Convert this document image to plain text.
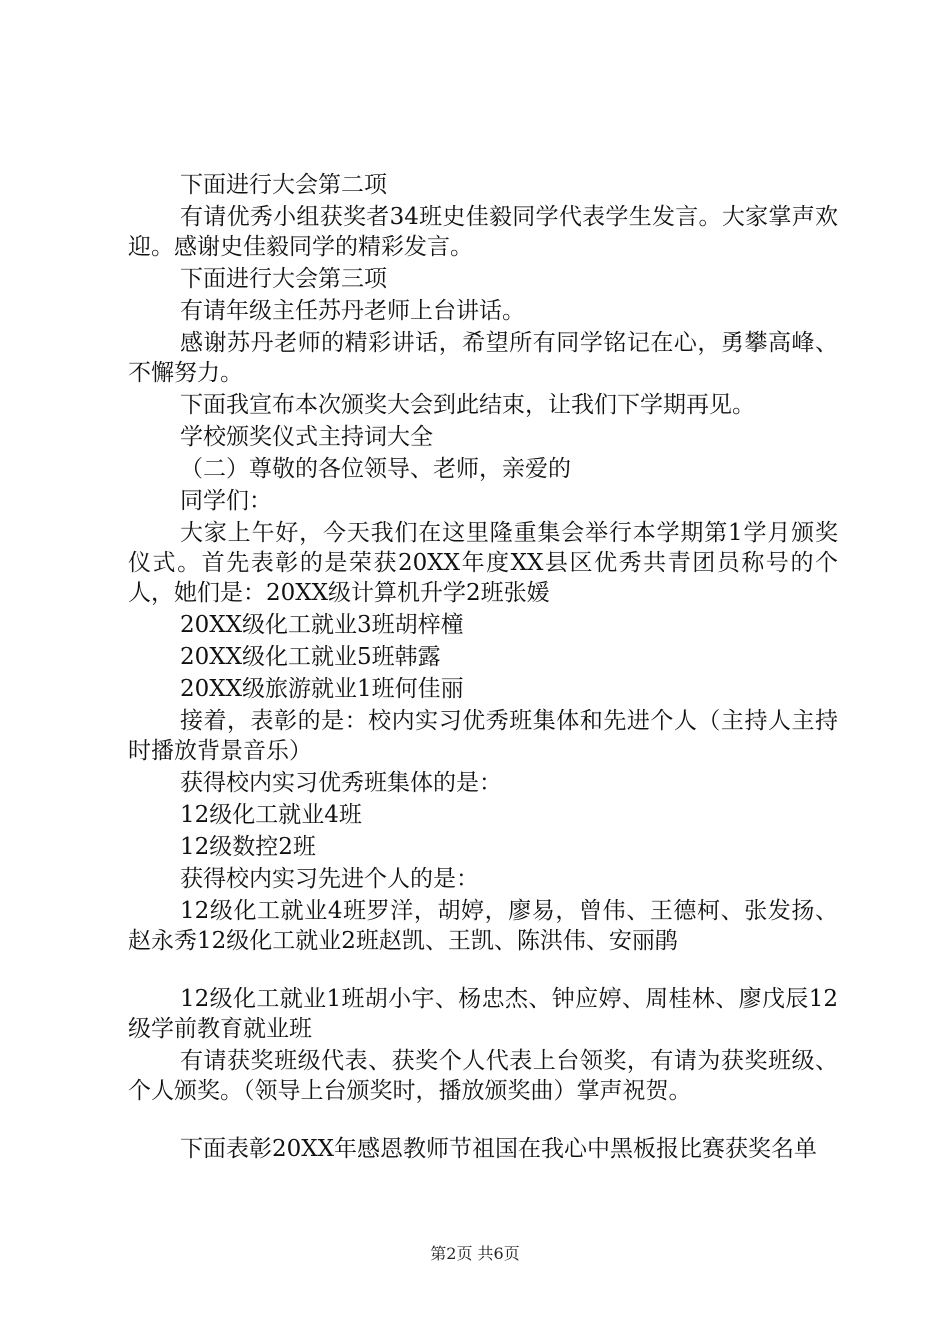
下面进行大会第二项

有请优秀小组获奖者34班史佳毅同学代表学生发言。大家掌声欢迎。感谢史佳毅同学的精彩发言。

下面进行大会第三项

有请年级主任苏丹老师上台讲话。

感谢苏丹老师的精彩讲话，希望所有同学铭记在心，勇攀高峰、不懈努力。

下面我宣布本次颁奖大会到此结束，让我们下学期再见。

学校颁奖仪式主持词大全

（二）尊敬的各位领导、老师，亲爱的

同学们：

大家上午好，今天我们在这里隆重集会举行本学期第1学月颁奖仪式。首先表彰的是荣获20XX年度XX县区优秀共青团员称号的个人，她们是：20XX级计算机升学2班张媛

20XX级化工就业3班胡梓橦

20XX级化工就业5班韩露

20XX级旅游就业1班何佳丽

接着，表彰的是：校内实习优秀班集体和先进个人（主持人主持时播放背景音乐）

获得校内实习优秀班集体的是：

12级化工就业4班

12级数控2班

获得校内实习先进个人的是：

12级化工就业4班罗洋，胡婷，廖易，曾伟、王德柯、张发扬、赵永秀12级化工就业2班赵凯、王凯、陈洪伟、安丽鹃

12级化工就业1班胡小宇、杨忠杰、钟应婷、周桂林、廖戊辰12级学前教育就业班

有请获奖班级代表、获奖个人代表上台领奖，有请为获奖班级、个人颁奖。（领导上台颁奖时，播放颁奖曲）掌声祝贺。

下面表彰20XX年感恩教师节祖国在我心中黑板报比赛获奖名单

第2页 共6页
